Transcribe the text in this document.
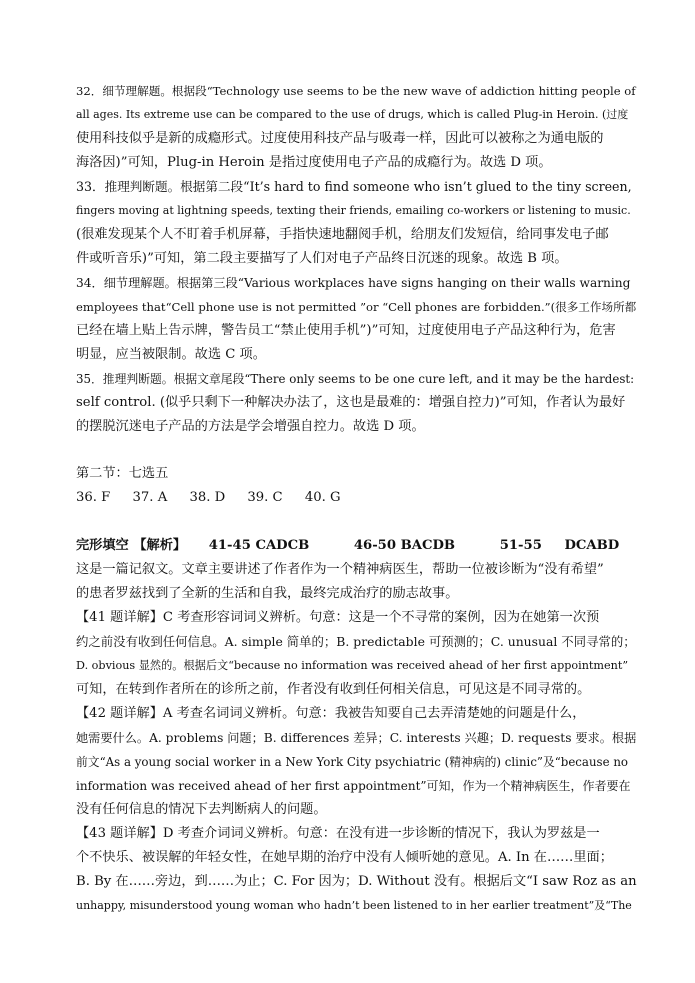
32．细节理解题。根据段“Technology use seems to be the new wave of addiction hitting people of
all ages. Its extreme use can be compared to the use of drugs, which is called Plug-in Heroin. (过度
使用科技似乎是新的成瘾形式。过度使用科技产品与吸毒一样，因此可以被称之为通电版的
海洛因)”可知，Plug-in Heroin 是指过度使用电子产品的成瘾行为。故选 D 项。
33．推理判断题。根据第二段“It’s hard to find someone who isn’t glued to the tiny screen,
fingers moving at lightning speeds, texting their friends, emailing co-workers or listening to music.
(很难发现某个人不盯着手机屏幕，手指快速地翻阅手机，给朋友们发短信，给同事发电子邮
件或听音乐)”可知，第二段主要描写了人们对电子产品终日沉迷的现象。故选 B 项。
34．细节理解题。根据第三段“Various workplaces have signs hanging on their walls warning
employees that“Cell phone use is not permitted ”or “Cell phones are forbidden.”(很多工作场所都
已经在墙上贴上告示牌，警告员工“禁止使用手机”)”可知，过度使用电子产品这种行为，危害
明显，应当被限制。故选 C 项。
35．推理判断题。根据文章尾段“There only seems to be one cure left, and it may be the hardest:
self control. (似乎只剩下一种解决办法了，这也是最难的：增强自控力)”可知，作者认为最好
的摆脱沉迷电子产品的方法是学会增强自控力。故选 D 项。
第二节：七选五
36. F 37. A 38. D 39. C 40. G
完形填空 【解析】 41-45 CADCB	46-50 BACDB	51-55 DCABD
这是一篇记叙文。文章主要讲述了作者作为一个精神病医生，帮助一位被诊断为“没有希望”
的患者罗兹找到了全新的生活和自我，最终完成治疗的励志故事。
【41 题详解】C 考查形容词词义辨析。句意：这是一个不寻常的案例，因为在她第一次预
约之前没有收到任何信息。A. simple 简单的；B. predictable 可预测的；C. unusual 不同寻常的；
D. obvious 显然的。根据后文“because no information was received ahead of her first appointment”
可知，在转到作者所在的诊所之前，作者没有收到任何相关信息，可见这是不同寻常的。
【42 题详解】A 考查名词词义辨析。句意：我被告知要自己去弄清楚她的问题是什么，
她需要什么。A. problems 问题；B. differences 差异；C. interests 兴趣；D. requests 要求。根据
前文“As a young social worker in a New York City psychiatric (精神病的) clinic”及“because no
information was received ahead of her first appointment”可知，作为一个精神病医生，作者要在
没有任何信息的情况下去判断病人的问题。
【43 题详解】D 考查介词词义辨析。句意：在没有进一步诊断的情况下，我认为罗兹是一
个不快乐、被误解的年轻女性，在她早期的治疗中没有人倾听她的意见。A. In 在……里面；
B. By 在……旁边，到……为止；C. For 因为；D. Without 没有。根据后文“I saw Roz as an
unhappy, misunderstood young woman who hadn’t been listened to in her earlier treatment”及“The
